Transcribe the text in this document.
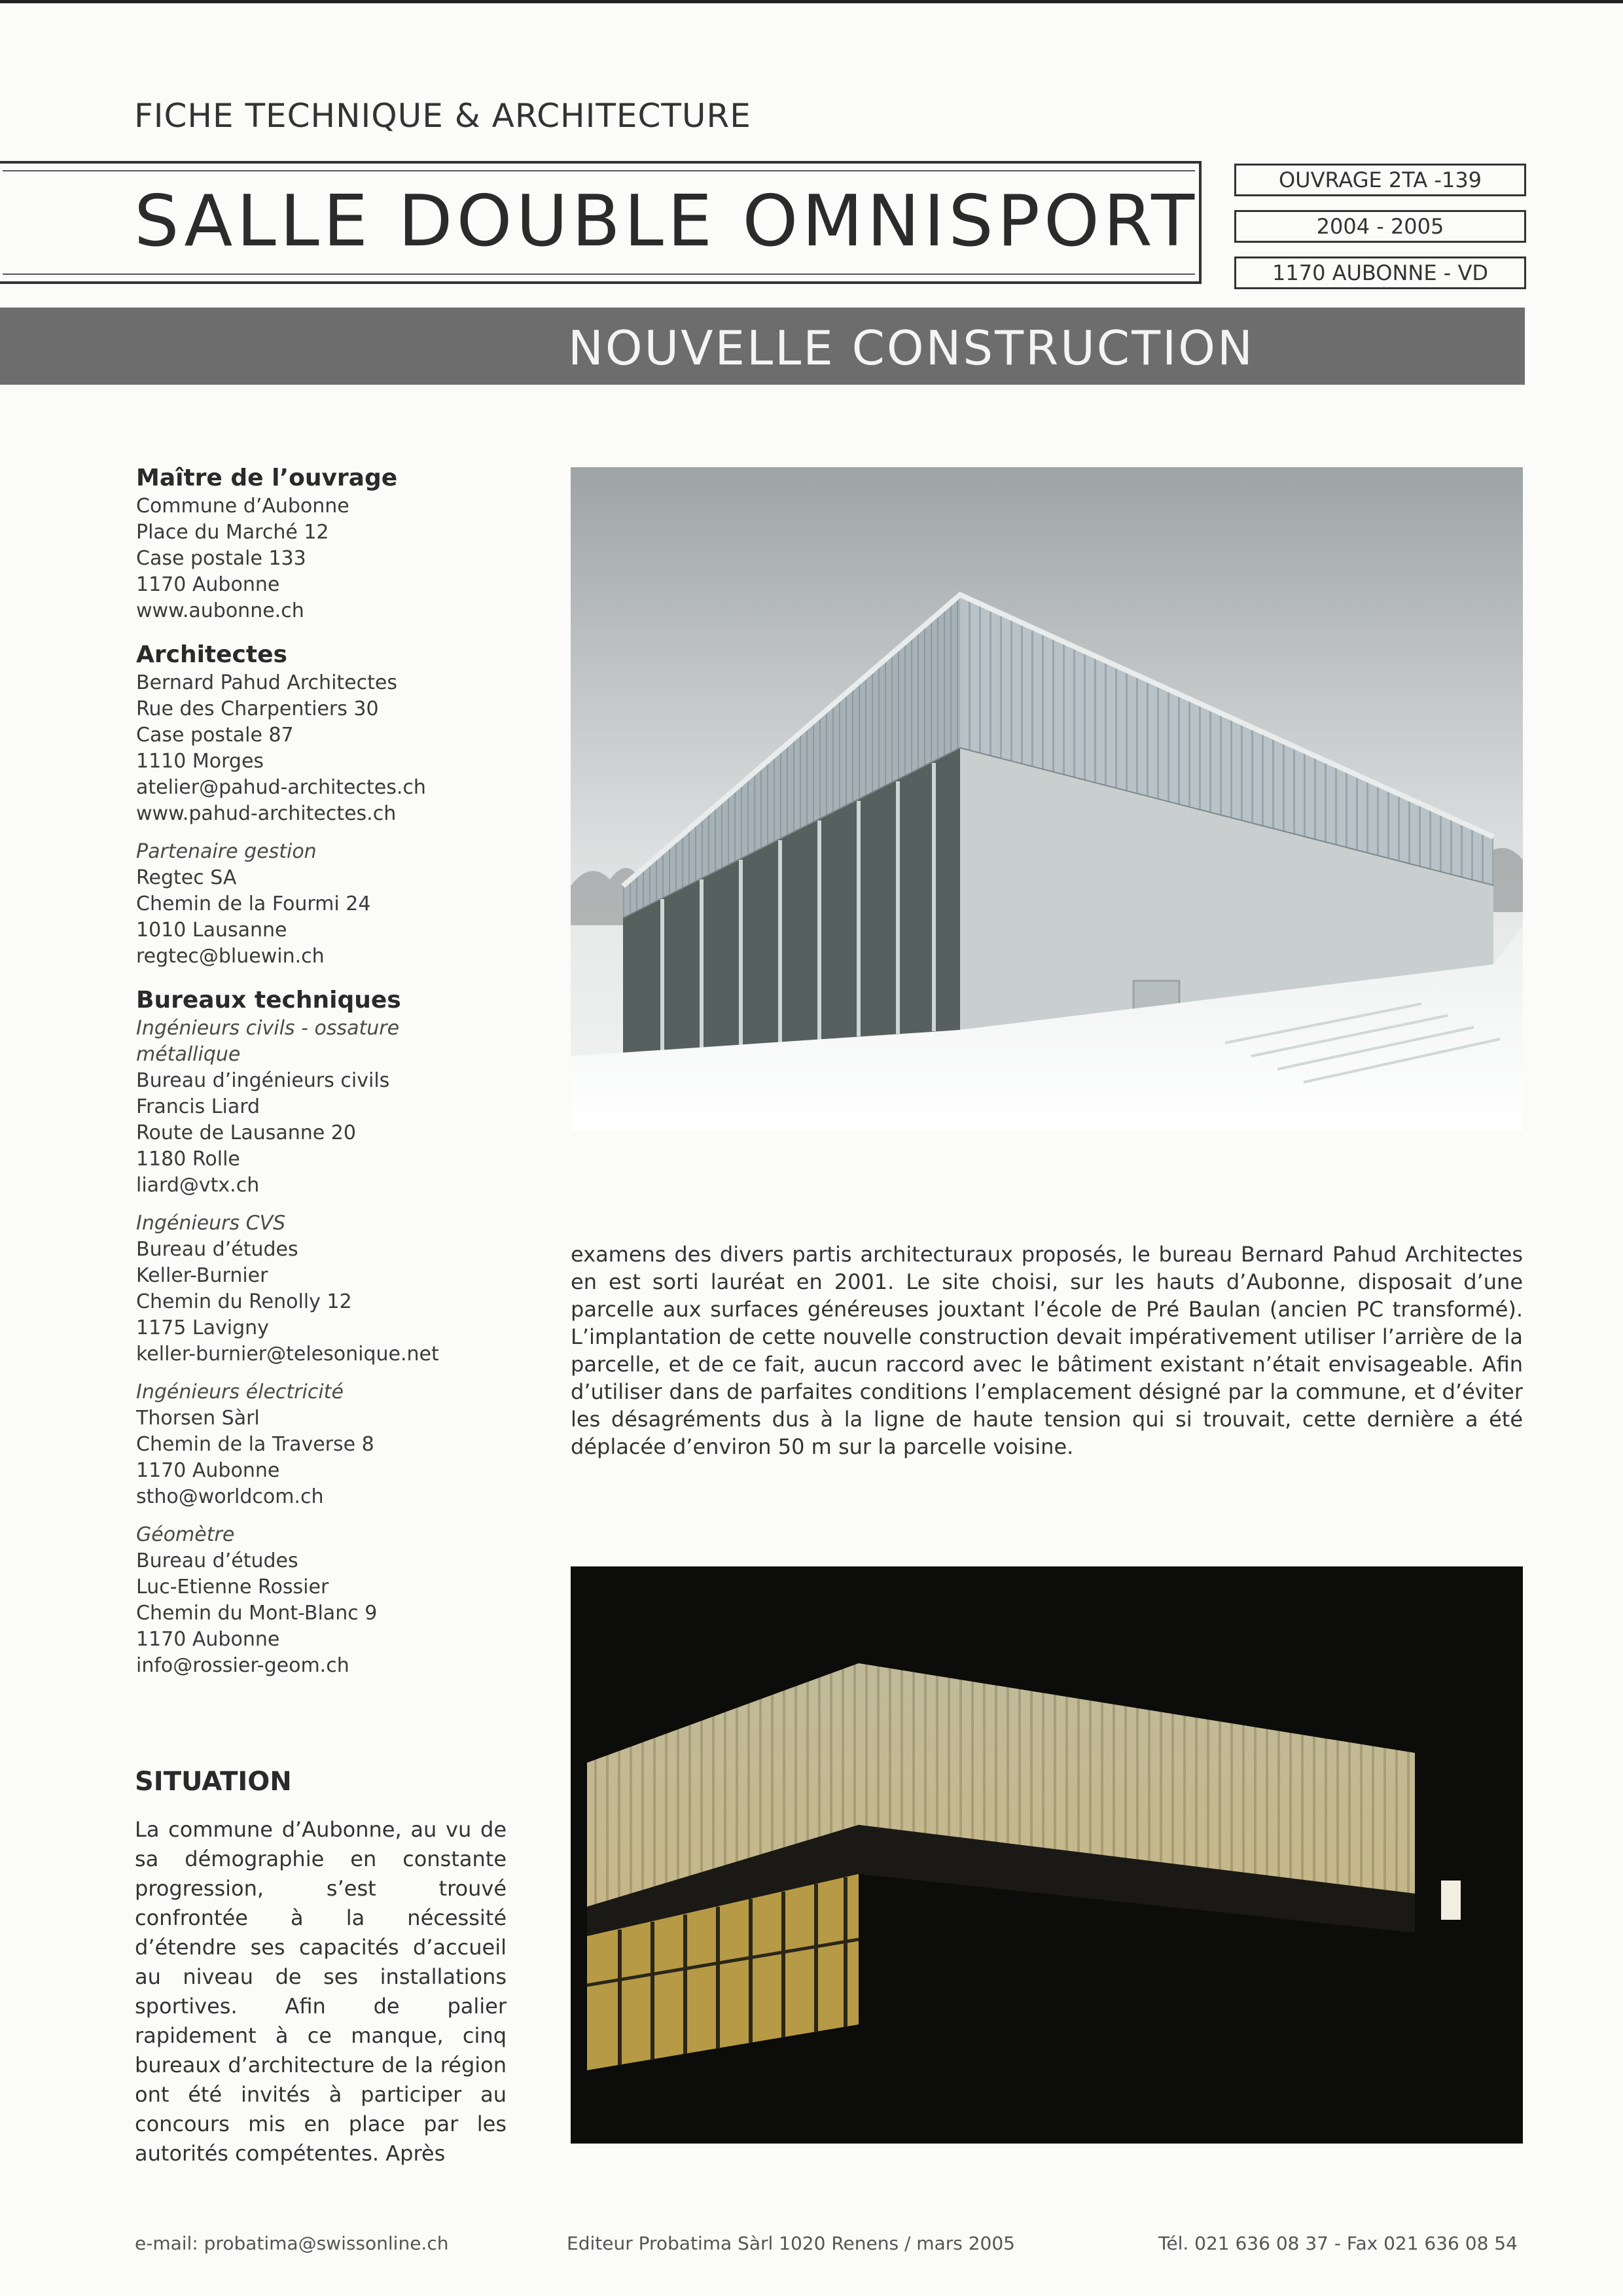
FICHE TECHNIQUE & ARCHITECTURE
SALLE DOUBLE OMNISPORT
OUVRAGE 2TA -139
2004 - 2005
1170 AUBONNE - VD
NOUVELLE CONSTRUCTION
Maître de l’ouvrage
Commune d’Aubonne
Place du Marché 12
Case postale 133
1170 Aubonne
www.aubonne.ch
Architectes
Bernard Pahud Architectes
Rue des Charpentiers 30
Case postale 87
1110 Morges
atelier@pahud-architectes.ch
www.pahud-architectes.ch
Partenaire gestion
Regtec SA
Chemin de la Fourmi 24
1010 Lausanne
regtec@bluewin.ch
Bureaux techniques
Ingénieurs civils - ossature métallique
Bureau d’ingénieurs civils
Francis Liard
Route de Lausanne 20
1180 Rolle
liard@vtx.ch
Ingénieurs CVS
Bureau d’études
Keller-Burnier
Chemin du Renolly 12
1175 Lavigny
keller-burnier@telesonique.net
Ingénieurs électricité
Thorsen Sàrl
Chemin de la Traverse 8
1170 Aubonne
stho@worldcom.ch
Géomètre
Bureau d’études
Luc-Etienne Rossier
Chemin du Mont-Blanc 9
1170 Aubonne
info@rossier-geom.ch
examens des divers partis architecturaux proposés, le bureau Bernard Pahud Architectes en est sorti lauréat en 2001. Le site choisi, sur les hauts d’Aubonne, disposait d’une parcelle aux surfaces généreuses jouxtant l’école de Pré Baulan (ancien PC transformé). L’implantation de cette nouvelle construction devait impérativement utiliser l’arrière de la parcelle, et de ce fait, aucun raccord avec le bâtiment existant n’était envisageable. Afin d’utiliser dans de parfaites conditions l’emplacement désigné par la commune, et d’éviter les désagréments dus à la ligne de haute tension qui si trouvait, cette dernière a été déplacée d’environ 50 m sur la parcelle voisine.
SITUATION
La commune d’Aubonne, au vu de sa démographie en constante progression, s’est trouvé confrontée à la nécessité d’étendre ses capacités d’accueil au niveau de ses installations sportives. Afin de palier rapidement à ce manque, cinq bureaux d’architecture de la région ont été invités à participer au concours mis en place par les autorités compétentes. Après
e-mail: probatima@swissonline.ch	Editeur Probatima Sàrl 1020 Renens / mars 2005	Tél. 021 636 08 37 - Fax 021 636 08 54
